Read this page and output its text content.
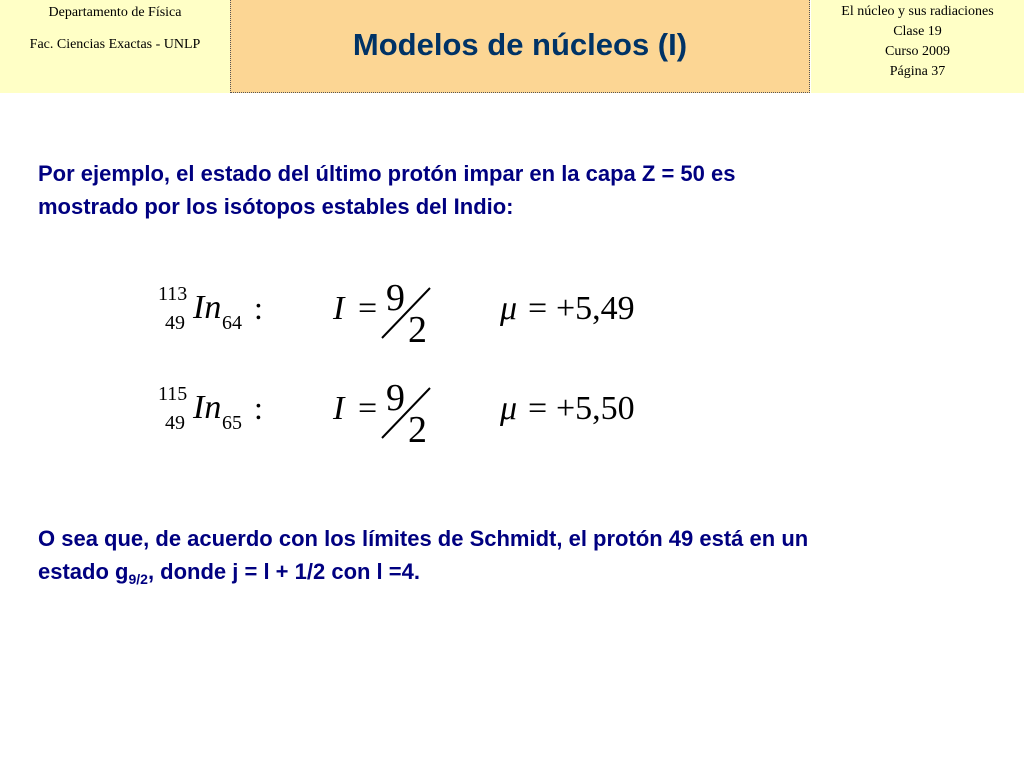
Departamento de Física
Fac. Ciencias Exactas - UNLP	Modelos de núcleos (I)
El núcleo y sus radiaciones
Clase 19
Curso 2009
Página 37
Por ejemplo, el estado del último protón impar en la capa Z = 50 es
mostrado por los isótopos estables del Indio:
113
49 In 64 : I = 9
2
μ = +5,49
115
49 In 65 : I = 9
2
μ = +5,50
O sea que, de acuerdo con los límites de Schmidt, el protón 49 está en un
estado $g_{9/2}$, donde j = l + 1/2 con l =4.
